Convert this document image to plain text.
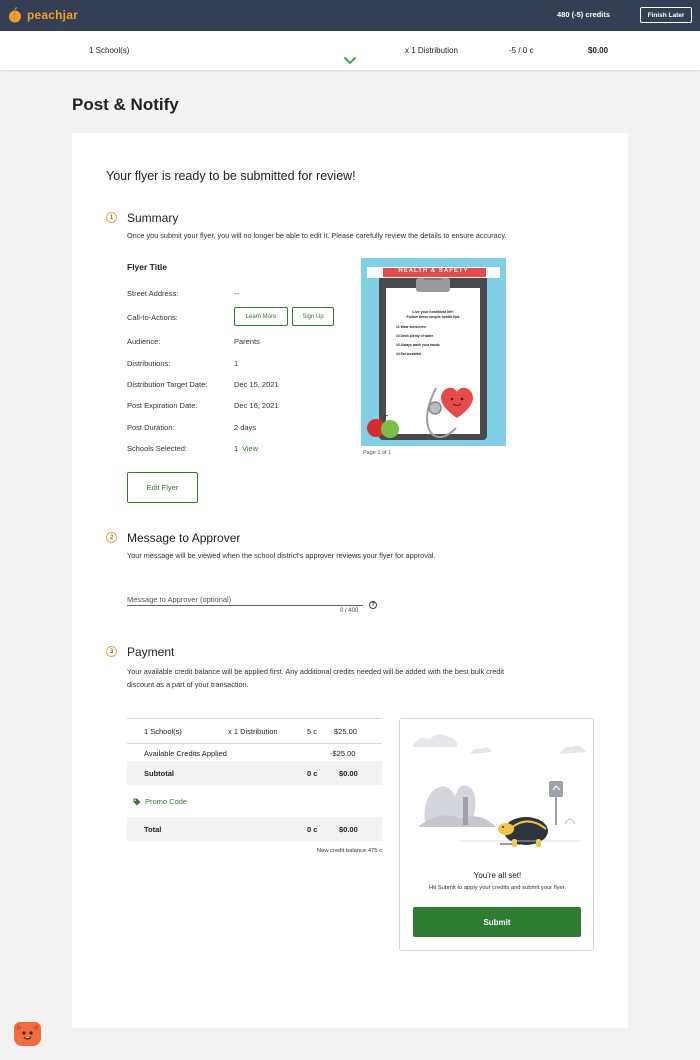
peachjar	480 (-5) credits	Finish Later
1 School(s)	x 1 Distribution	-5 / 0 c	$0.00
Post & Notify
Your flyer is ready to be submitted for review!
1	Summary
Once you submit your flyer, you will no longer be able to edit it. Please carefully review the details to ensure accuracy.
Flyer Title
Street Address:	--
Call-to-Actions:	Learn More	Sign Up
Audience:	Parents
Distributions:	1
Distribution Target Date:	Dec 15, 2021
Post Expiration Date:	Dec 16, 2021
Post Duration:	2 days
Schools Selected:	1 View
Edit Flyer
HEALTH & SAFETY
Live your healthiest life!
Follow these simple health tips
#1 Wear sunscreen
#2 Drink plenty of water
#3 Always wash your hands
#4 Eat breakfast
Page 1 of 1
2	Message to Approver
Your message will be viewed when the school district's approver reviews your flyer for approval.
Message to Approver (optional)
0 / 400
?
3	Payment
Your available credit balance will be applied first. Any additional credits needed will be added with the best bulk credit
discount as a part of your transaction.
1 School(s)	x 1 Distribution	5 c $25.00
Available Credits Applied	-$25.00
Subtotal	0 c	$0.00
Promo Code
Total	0 c	$0.00
New credit balance 475 c
You're all set!
Hit Submit to apply your credits and submit your flyer.
Submit
